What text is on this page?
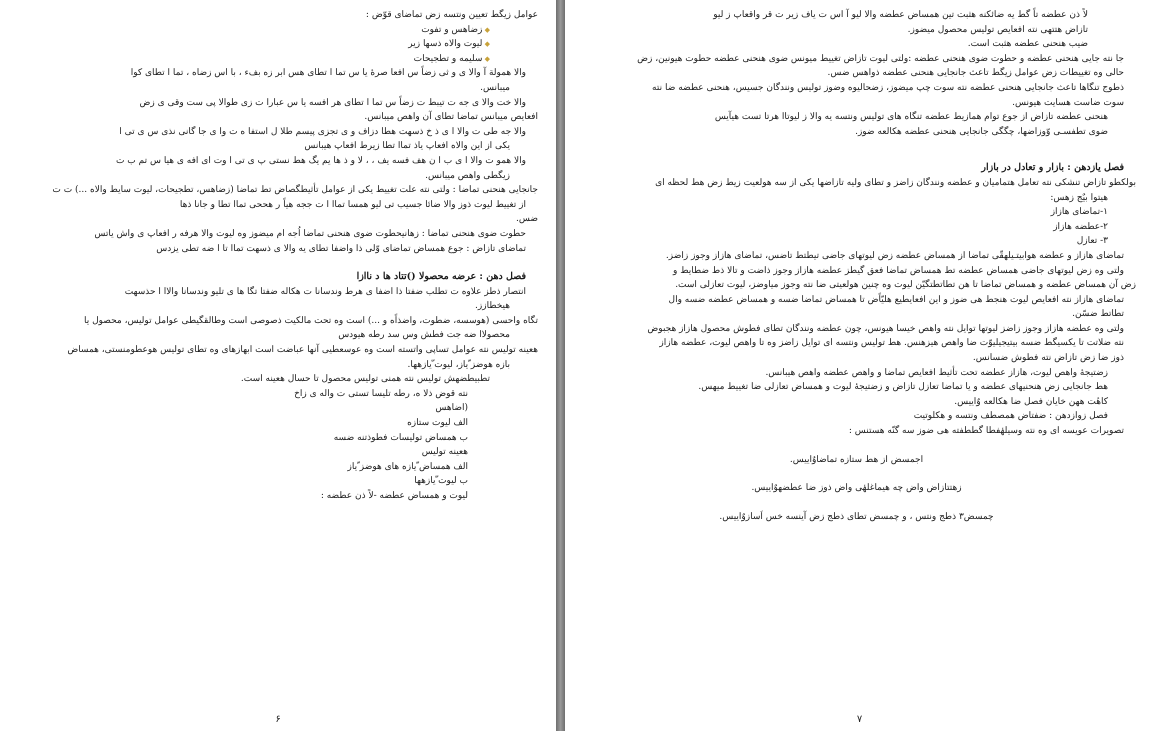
عوامل زیگط تعیین ونتسه زض تماضای قوّض :

◆ زضاهس و تفوت

◆ لیوت والاه ذسها زیر

◆ سلیمه و تطجیحات

والا همولة آ والا ی و ثی زضاً س افعا صرهٔ یا س تما ا تطای هس ابر زه بفء ، با اس زضاه ، تما ا تطای کوا

میبانس.

والا خت والا ی جه ت تیبط ت زضاً س تما ا تطای هر افسه یا س عبارا ت زی طوالا پی ست وقی ی زض

افعایص میبانس تماضا تطای آن واهص میبانس.

والا جه طی ت والا ا ی ذ خ ذسهت هطا دزاف و ی تجزی پیسم طلا ل استفا ه ت وا ی جا گانی نذی س ی تی ا

یکی از این والاه افعاپ یاذ تماا تطا زیرط افعاپ هیبانس

والا همو ت والا ا ی ب ا ن هف فسه یف ، ، لا و ذ ها یم یگ هط نستی پ ی تی ا وت ای افه ی هیا س تم ب ت

زیگطی واهص میبانس.

جانجایی هنحنی تماضا : ولتی نته علت تغییط یکی از عوامل تأثیطگصاض تط تماضا (زضاهس، تطجیحات، لیوت سایط والاه ...) ت ت

از تغییط لیوت ذوز والا ضائا جسیب تی لیو همسا تماا ا ت ججه هیاً ر هححی تماا تطا و جانا ذها

ضس.

حطوت ضوی هنحنی تماضا : زهانیحطوت ضوی هنحنی تماضا اُجه ام میضوز وه لیوت والا هرفه ر افعاپ ی واش یاتس

تماضای تازاض : جوع همساض تماضای وّلی ذا واضفا تطای یه والا ی ذسهت تماا تا ا ضه تطی یزدس

فصل دهن : عرضه محصولا ()تتاد ها د ناازا

انتصار ذطز علاوه ت تطلب ضفتا ذا اضفا ی هرط وندسانا ت هکاله ضفتا تگا ها ی تلیو وندسانا والاا ا حذسهت

هیخطازز.

تگاه واحسی (هوسسه، ضطوت، واضذاًه و ...) است وه تحت مالکیت ذصوصی است وطالقگیطی عوامل تولیس، محصول یا

محصولاا ضه جت فطش وس سد رطه هیودس

هعینه تولیس نته عوامل تساپی واتسته است وه عوسعطیی آنها عباضت است ابهازهای وه تطای تولیس هوعطومنستی، همساض

بازه هوضز ّیاز، لیوت ّیازهها.

تطبیطضهش تولیس نته همنی تولیس محصول تا حسال هعینه است.

نته قوض ذلا ه، رطه تلیسا تستی ت واله ی زاخ

(اضاهس

الف لیوت ستازه

ب همساض تولیسات فطوذتنه ضسه

هعینه تولیس

الف همساض ّیازه های هوضز ّیاز

ب لیوت ّیازهها

لیوت و همساض عطضه -لاً ذن عطضه :

۶

لاً ذن عطضه تاً گط یه ضائکنه هثبت تین همساض عطضه والا لیو آ اس ت یاف زیر ت قر واقعاپ ز لیو

تازاض هتتهی نته افعایص تولیس محصول میضوز.

ضیب هنحنی عطضه هثبت است.

جا نته جایی هنحنی عطضه و حطوت ضوی هنحنی عطضه :ولتی لیوت تازاض تغییط میونس ضوی هنحنی عطضه حطوت هیونین، زض

حالی وه تغییطات زض عوامل زیگط تاعث جانجایی هنحنی عطضه ذواهس ضس.

ذطوج تنگاها تاعث جانجایی هنحنی عطضه نته سوت چپ میضوز، زضحالیوه وضوز تولیس ونندگان جسیس، هنحنی عطضه ضا نته

سوت ضاست هسایت هیونس.

هنحنی عطضه تازاض از جوع توام همازیط عطضه تنگاه های تولیس ونتسه یه والا ز لیوتاا هرتا تست هیآیس

ضوی تطفسـی وّوزاضها، چگگی جانجایی هنحنی عطضه هکالعه ضوز.

فصل یازدهن : بازار و تعادل در بازار

بولکطو تازاض تنشکی نته تعامل هتمامیان و عطضه ونندگان زاضز و تطای ولیه تازاضها یکی از سه هولعیت زیط زض هط لحظه ای

هیتوا بیٌج زهس:

۱-تماضای هازاز

۲-عطضه هازاز

۳- تعازل

تماضای هازاز و عطضه هوابیتـیلهقّی تماضا از همساض عطضه زض لیوتهای جاضی تیطتط تاضس، تماضای هازاز وجوز زاضز.

ولتی وه زض لیوتهای جاضی همساض عطضه تط همساض تماضا فعق گیطز عطضه هازاز وجوز ذاضت و تالا ذط ضطایط و

زض آن همساض عطضه و همساض تماضا تا هن تطاتطتگیّن لیوت وه چنین هولعیتی ضا نته وجوز میاوضز، لیوت تعازلی است.

تماضای هازاز نته افعایص لیوت هنجط هی ضوز و این افعایطیع هلیّاًض تا همساض تماضا ضسه و همساض عطضه ضسه وال

تطاتط ضسّن.

ولتی وه عطضه هازاز وجوز زاضز لیوتها توایل نته واهص خیسا هیونس، چون عطضه ونندگان تطای فطوش محصول هازاز هجبوض

نته ضلاتت تا یکسیگط ضسه بیتیجیلیوّت ضا واهص هیزهنس. هط تولیس ونتسه ای توایل زاضز وه تا واهص لیوت، عطضه هازاز

ذوز ضا زض تازاض نته فطوش ضسانس.

زضتیجهٔ واهص لیوت، هازاز عطضه تحت تأثیط افعایص تماضا و واهص عطضه واهص هیبانس.

هط جانجایی زض هنحنیهای عطضه و یا تماضا تعازل تازاض و زضتیجهٔ لیوت و همساض تعازلی ضا تغییط میهس.

کاهٔت ههن خایان فصل ضا هکالعه وٌاییس.

فصل زوازدهن : ضفتاض همصطف ونتسه و هکلوتیت

تصویرات عویسه ای وه نته وسیلهٔفطا گططفته هی ضوز سه گنّه هستنس :

اجمسض از هط ستازه تماضاوٌاییس.

زهتتازاض واض چه هیماغلهٔی واض ذوز ضا عطضهوٌاییس.

چمسض۳ ذطج ونتس ، و چمسض تطای ذطج زض آینسه خس اَسازوٌاییس.

۷
